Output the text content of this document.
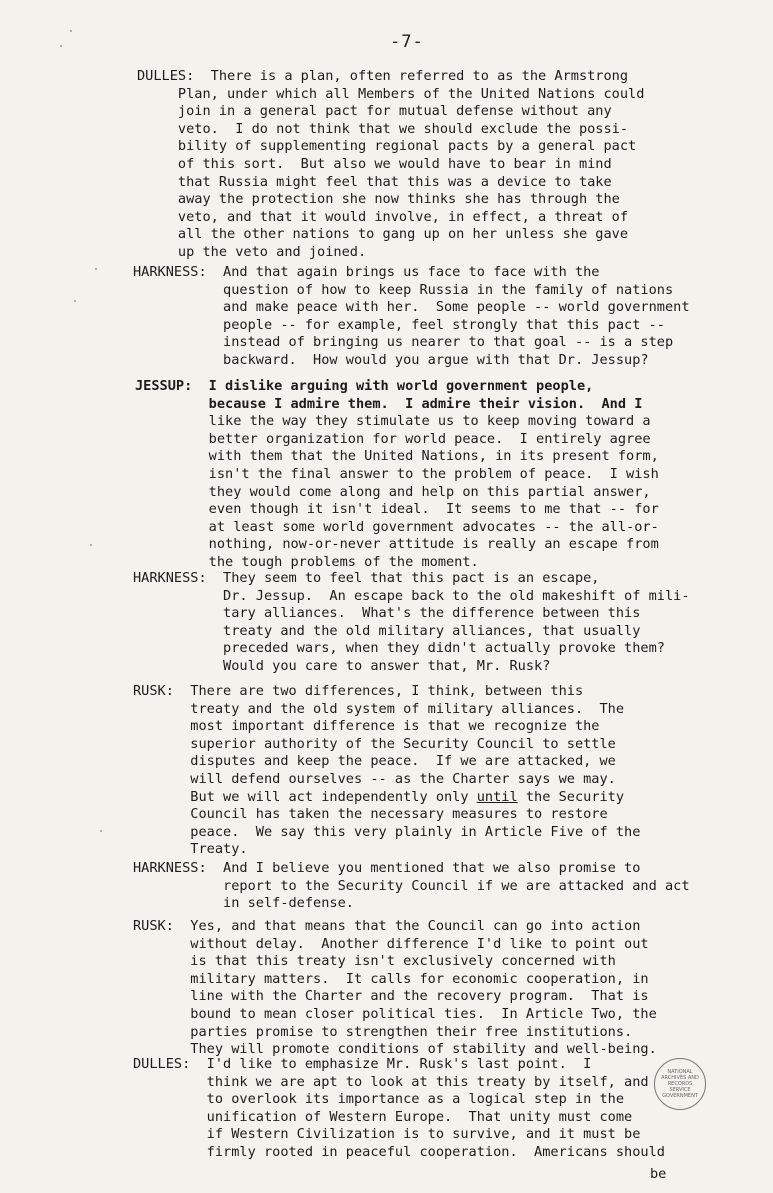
-7-
DULLES:  There is a plan, often referred to as the Armstrong
Plan, under which all Members of the United Nations could
join in a general pact for mutual defense without any
veto.  I do not think that we should exclude the possi-
bility of supplementing regional pacts by a general pact
of this sort.  But also we would have to bear in mind
that Russia might feel that this was a device to take
away the protection she now thinks she has through the
veto, and that it would involve, in effect, a threat of
all the other nations to gang up on her unless she gave
up the veto and joined.
HARKNESS:  And that again brings us face to face with the
question of how to keep Russia in the family of nations
and make peace with her.  Some people -- world government
people -- for example, feel strongly that this pact --
instead of bringing us nearer to that goal -- is a step
backward.  How would you argue with that Dr. Jessup?
JESSUP:  I dislike arguing with world government people,
because I admire them.  I admire their vision.  And I
like the way they stimulate us to keep moving toward a
better organization for world peace.  I entirely agree
with them that the United Nations, in its present form,
isn't the final answer to the problem of peace.  I wish
they would come along and help on this partial answer,
even though it isn't ideal.  It seems to me that -- for
at least some world government advocates -- the all-or-
nothing, now-or-never attitude is really an escape from
the tough problems of the moment.
HARKNESS:  They seem to feel that this pact is an escape,
Dr. Jessup.  An escape back to the old makeshift of mili-
tary alliances.  What's the difference between this
treaty and the old military alliances, that usually
preceded wars, when they didn't actually provoke them?
Would you care to answer that, Mr. Rusk?
RUSK:  There are two differences, I think, between this
treaty and the old system of military alliances.  The
most important difference is that we recognize the
superior authority of the Security Council to settle
disputes and keep the peace.  If we are attacked, we
will defend ourselves -- as the Charter says we may.
But we will act independently only until the Security
Council has taken the necessary measures to restore
peace.  We say this very plainly in Article Five of the
Treaty.
HARKNESS:  And I believe you mentioned that we also promise to
report to the Security Council if we are attacked and act
in self-defense.
RUSK:  Yes, and that means that the Council can go into action
without delay.  Another difference I'd like to point out
is that this treaty isn't exclusively concerned with
military matters.  It calls for economic cooperation, in
line with the Charter and the recovery program.  That is
bound to mean closer political ties.  In Article Two, the
parties promise to strengthen their free institutions.
They will promote conditions of stability and well-being.
DULLES:  I'd like to emphasize Mr. Rusk's last point.  I
think we are apt to look at this treaty by itself, and
to overlook its importance as a logical step in the
unification of Western Europe.  That unity must come
if Western Civilization is to survive, and it must be
firmly rooted in peaceful cooperation.  Americans should
NATIONAL
ARCHIVES AND
RECORDS
SERVICE
GOVERNMENT
be
